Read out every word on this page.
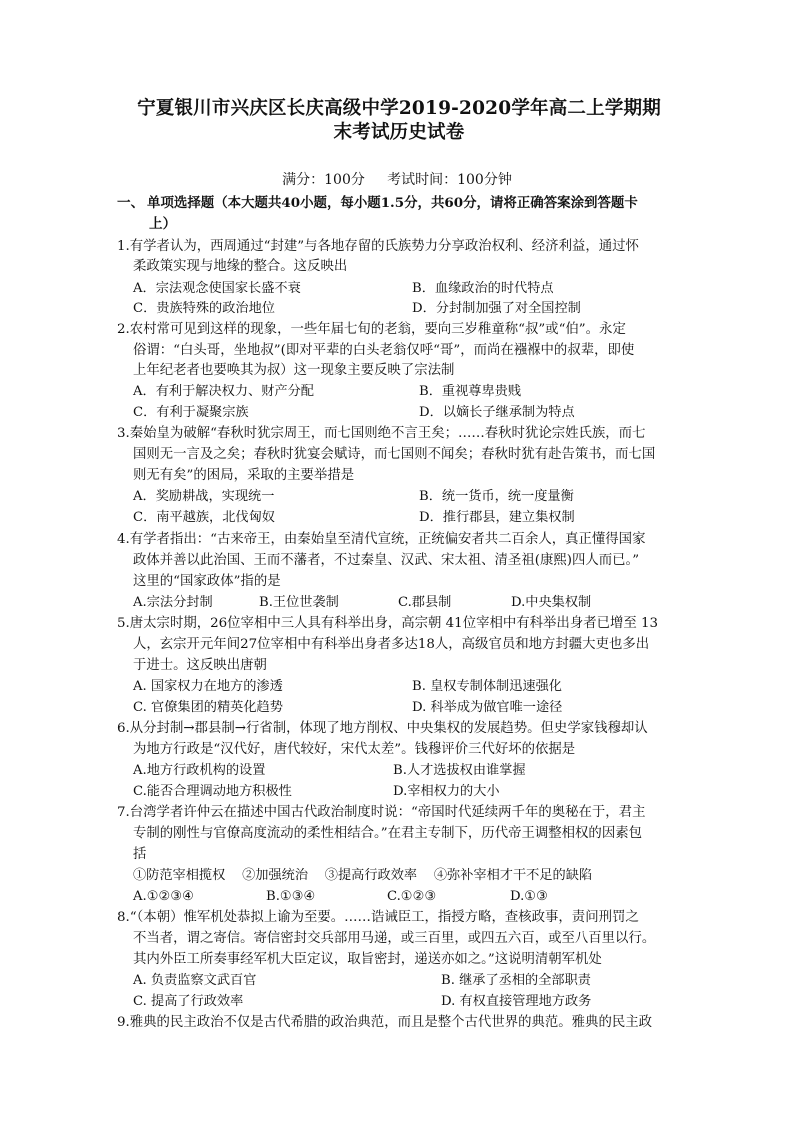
宁夏银川市兴庆区长庆高级中学2019-2020学年高二上学期期
末考试历史试卷
满分：100分     考试时间：100分钟
一、 单项选择题（本大题共40小题，每小题1.5分，共60分，请将正确答案涂到答题卡
上）
1.有学者认为，西周通过“封建”与各地存留的氏族势力分享政治权利、经济利益，通过怀
柔政策实现与地缘的整合。这反映出
A．宗法观念使国家长盛不衰	B．血缘政治的时代特点
C．贵族特殊的政治地位	D．分封制加强了对全国控制
2.农村常可见到这样的现象，一些年届七旬的老翁，要向三岁稚童称“叔”或“伯”。永定
俗谓：“白头哥，坐地叔”(即对平辈的白头老翁仅呼“哥”，而尚在襁褓中的叔辈，即使
上年纪老者也要唤其为叔）这一现象主要反映了宗法制
A．有利于解决权力、财产分配	B．重视尊卑贵贱
C．有利于凝聚宗族	D．以嫡长子继承制为特点
3.秦始皇为破解“春秋时犹宗周王，而七国则绝不言王矣；……春秋时犹论宗姓氏族，而七
国则无一言及之矣；春秋时犹宴会赋诗，而七国则不闻矣；春秋时犹有赴告策书，而七国
则无有矣”的困局，采取的主要举措是
A．奖励耕战，实现统一	B．统一货币，统一度量衡
C．南平越族，北伐匈奴	D．推行郡县，建立集权制
4.有学者指出：“古来帝王，由秦始皇至清代宣统，正统偏安者共二百余人，真正懂得国家
政体并善以此治国、王而不藩者，不过秦皇、汉武、宋太祖、清圣祖(康熙)四人而已。”
这里的“国家政体”指的是
A.宗法分封制	B.王位世袭制	C.郡县制	D.中央集权制
5.唐太宗时期，26位宰相中三人具有科举出身，高宗朝 41位宰相中有科举出身者已增至 13
人，玄宗开元年间27位宰相中有科举出身者多达18人，高级官员和地方封疆大吏也多出
于进士。这反映出唐朝
A. 国家权力在地方的渗透	B. 皇权专制体制迅速强化
C. 官僚集团的精英化趋势	D. 科举成为做官唯一途径
6.从分封制→郡县制→行省制，体现了地方削权、中央集权的发展趋势。但史学家钱穆却认
为地方行政是“汉代好，唐代较好，宋代太差”。钱穆评价三代好坏的依据是
A.地方行政机构的设置	B.人才选拔权由谁掌握
C.能否合理调动地方积极性	D.宰相权力的大小
7.台湾学者许仲云在描述中国古代政治制度时说：“帝国时代延续两千年的奥秘在于，君主
专制的刚性与官僚高度流动的柔性相结合。”在君主专制下，历代帝王调整相权的因素包
括
①防范宰相揽权    ②加强统治    ③提高行政效率    ④弥补宰相才干不足的缺陷
A.①②③④	B.①③④	C.①②③	D.①③
8.“（本朝）惟军机处恭拟上谕为至要。……诰诫臣工，指授方略，查核政事，责问刑罚之
不当者，谓之寄信。寄信密封交兵部用马递，或三百里，或四五六百，或至八百里以行。
其内外臣工所奏事经军机大臣定议，取旨密封，递送亦如之。”这说明清朝军机处
A. 负责监察文武百官	B. 继承了丞相的全部职责
C. 提高了行政效率	D. 有权直接管理地方政务
9.雅典的民主政治不仅是古代希腊的政治典范，而且是整个古代世界的典范。雅典的民主政
